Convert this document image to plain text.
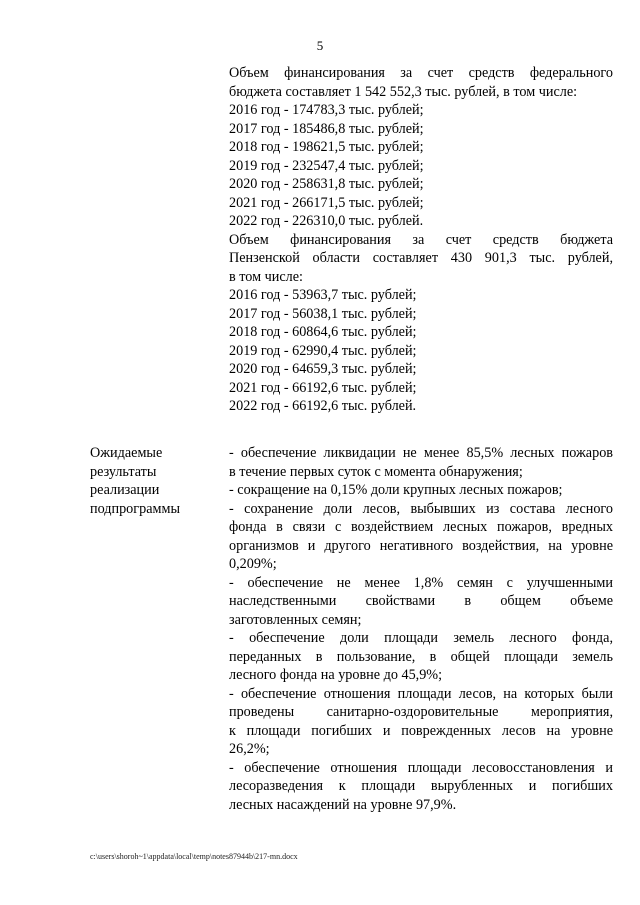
5
Объем финансирования за счет средств федерального
бюджета составляет 1 542 552,3 тыс. рублей, в том числе:
2016 год - 174783,3 тыс. рублей;
2017 год - 185486,8 тыс. рублей;
2018 год - 198621,5 тыс. рублей;
2019 год - 232547,4 тыс. рублей;
2020 год - 258631,8 тыс. рублей;
2021 год - 266171,5 тыс. рублей;
2022 год - 226310,0 тыс. рублей.
Объем финансирования за счет средств бюджета
Пензенской области составляет 430 901,3 тыс. рублей,
в том числе:
2016 год - 53963,7 тыс. рублей;
2017 год - 56038,1 тыс. рублей;
2018 год - 60864,6 тыс. рублей;
2019 год - 62990,4 тыс. рублей;
2020 год - 64659,3 тыс. рублей;
2021 год - 66192,6 тыс. рублей;
2022 год - 66192,6 тыс. рублей.
Ожидаемые
результаты
реализации
подпрограммы
- обеспечение ликвидации не менее 85,5% лесных пожаров
в течение первых суток с момента обнаружения;
- сокращение на 0,15% доли крупных лесных пожаров;
- сохранение доли лесов, выбывших из состава лесного
фонда в связи с воздействием лесных пожаров, вредных
организмов и другого негативного воздействия, на уровне
0,209%;
- обеспечение не менее 1,8% семян с улучшенными
наследственными свойствами в общем объеме
заготовленных семян;
- обеспечение доли площади земель лесного фонда,
переданных в пользование, в общей площади земель
лесного фонда на уровне до 45,9%;
- обеспечение отношения площади лесов, на которых были
проведены санитарно-оздоровительные мероприятия,
к площади погибших и поврежденных лесов на уровне
26,2%;
- обеспечение отношения площади лесовосстановления и
лесоразведения к площади вырубленных и погибших
лесных насаждений на уровне 97,9%.
c:\users\shoroh~1\appdata\local\temp\notes87944b\217-mn.docx
